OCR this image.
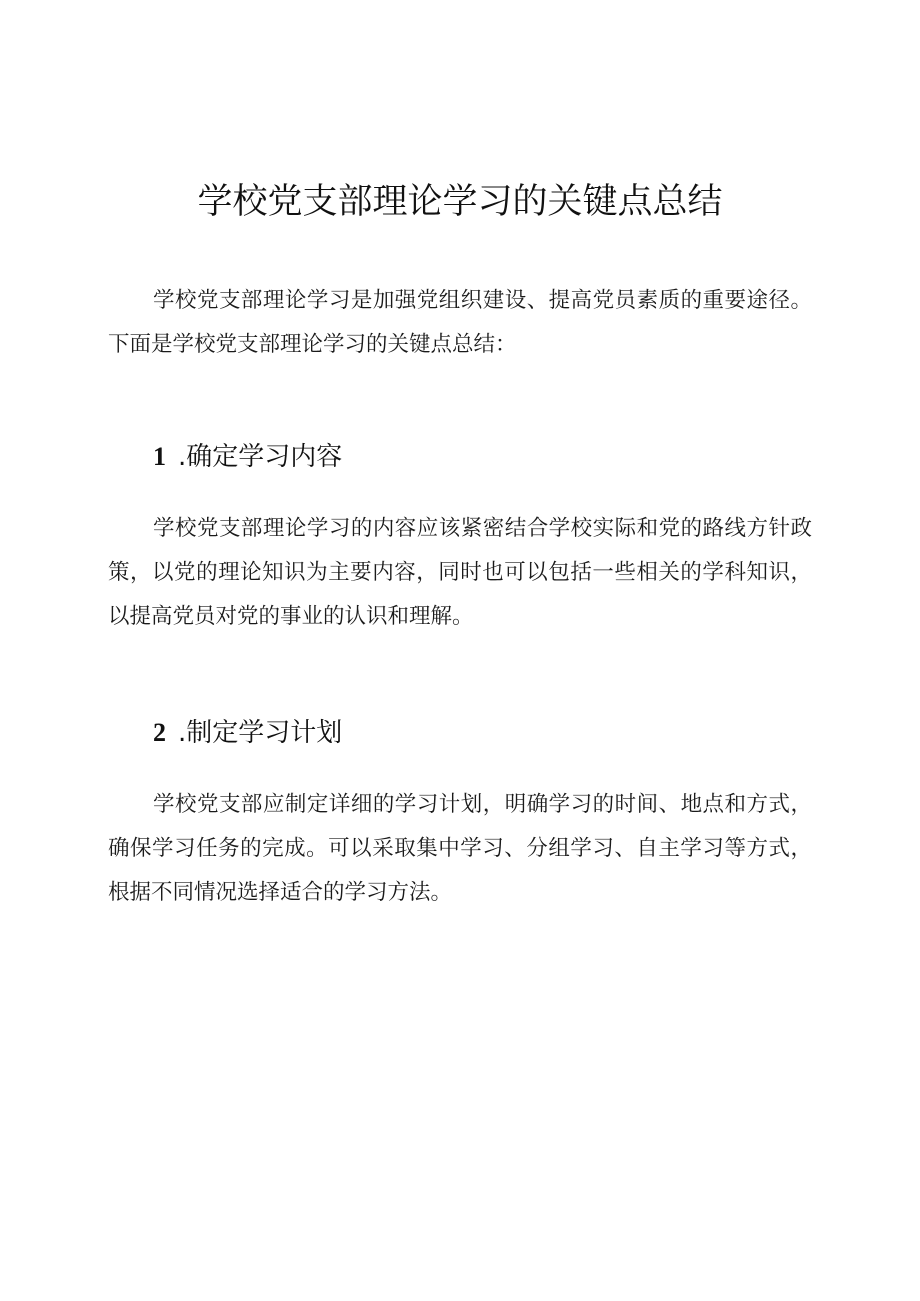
学校党支部理论学习的关键点总结

学校党支部理论学习是加强党组织建设、提高党员素质的重要途径。下面是学校党支部理论学习的关键点总结：

1 .确定学习内容

学校党支部理论学习的内容应该紧密结合学校实际和党的路线方针政策，以党的理论知识为主要内容，同时也可以包括一些相关的学科知识，以提高党员对党的事业的认识和理解。

2 .制定学习计划

学校党支部应制定详细的学习计划，明确学习的时间、地点和方式，确保学习任务的完成。可以采取集中学习、分组学习、自主学习等方式，根据不同情况选择适合的学习方法。
